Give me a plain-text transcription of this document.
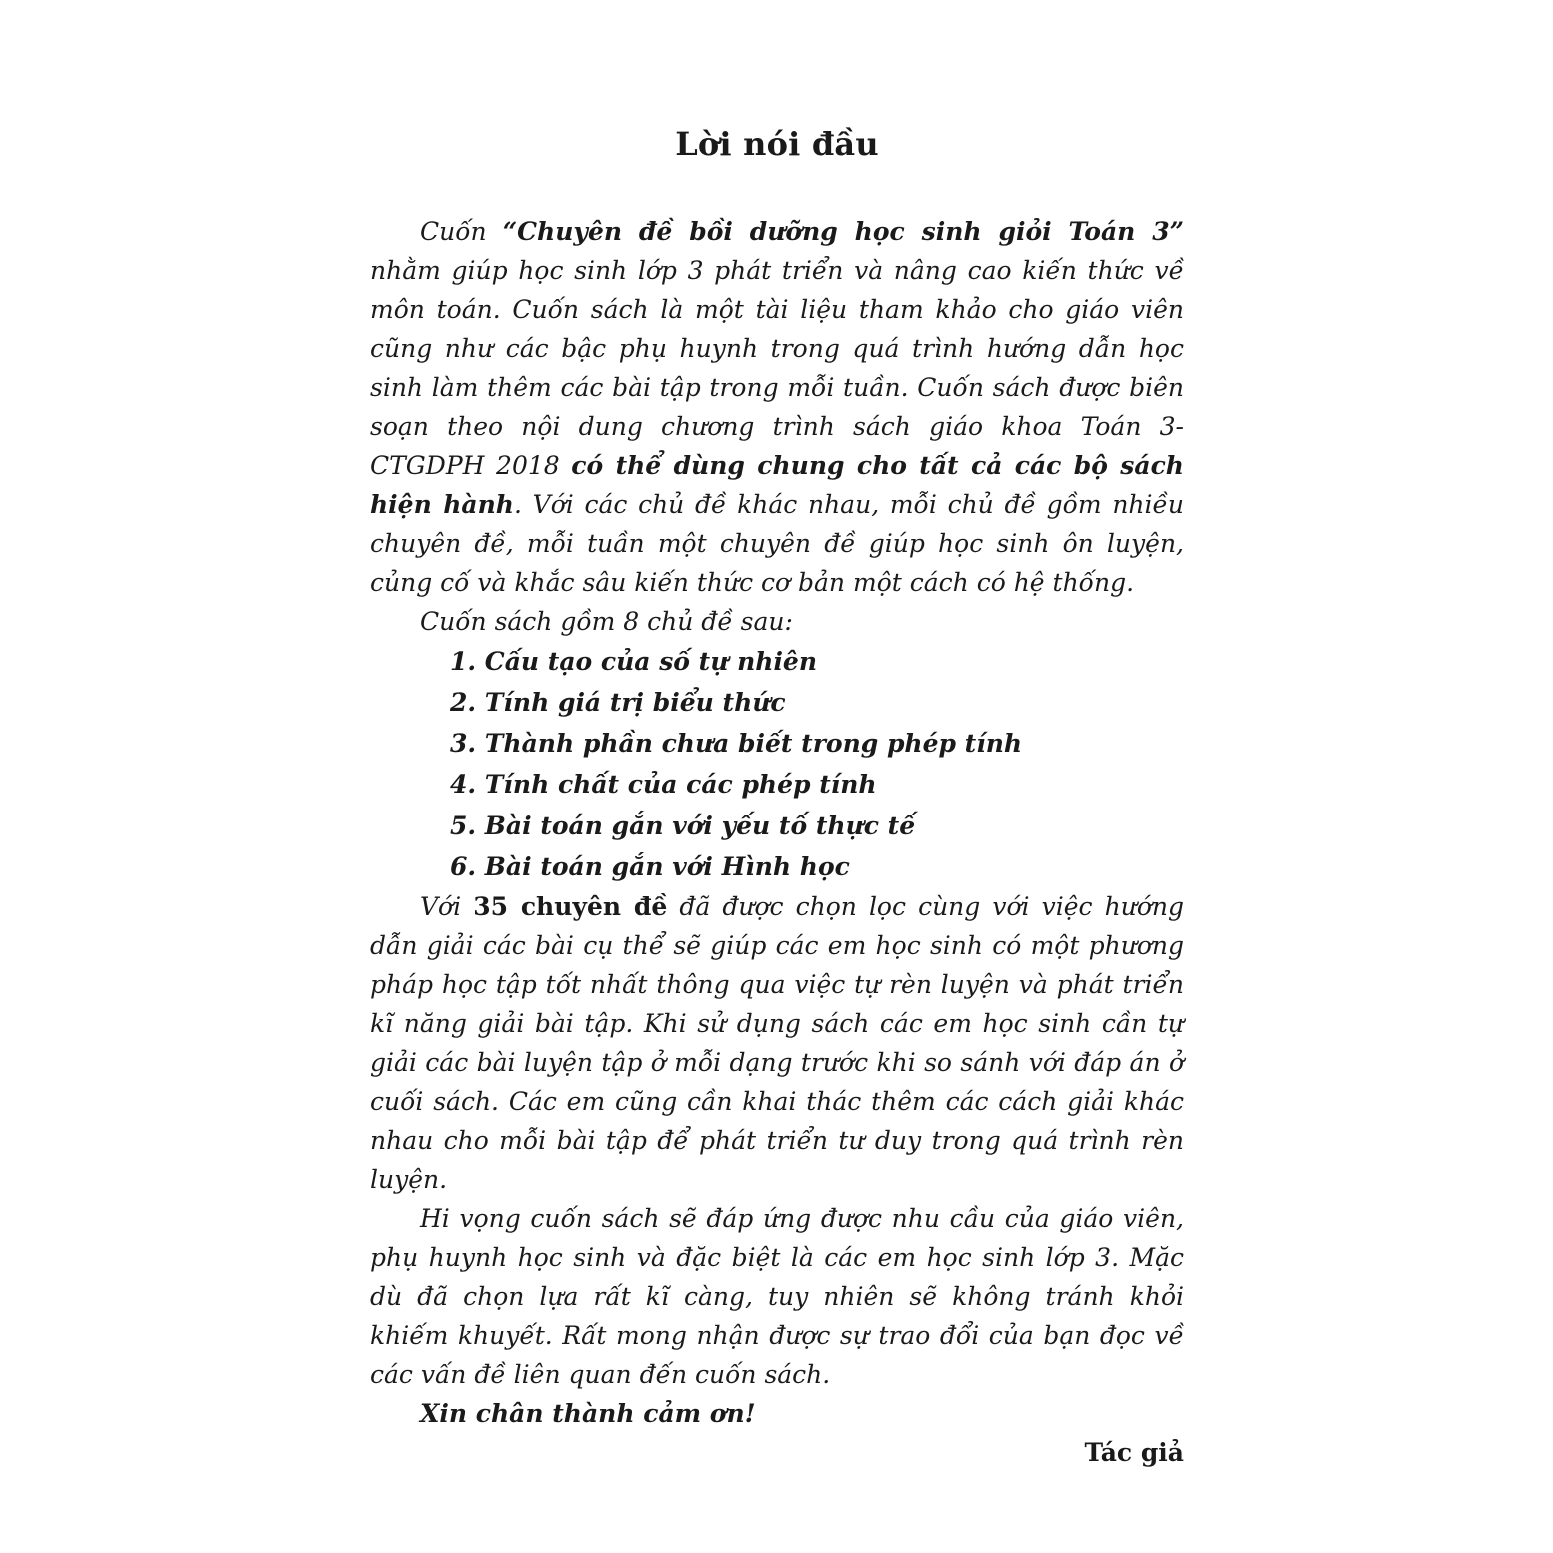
Lời nói đầu

Cuốn “Chuyên đề bồi dưỡng học sinh giỏi Toán 3” nhằm giúp học sinh lớp 3 phát triển và nâng cao kiến thức về môn toán. Cuốn sách là một tài liệu tham khảo cho giáo viên cũng như các bậc phụ huynh trong quá trình hướng dẫn học sinh làm thêm các bài tập trong mỗi tuần. Cuốn sách được biên soạn theo nội dung chương trình sách giáo khoa Toán 3-CTGDPH 2018 có thể dùng chung cho tất cả các bộ sách hiện hành. Với các chủ đề khác nhau, mỗi chủ đề gồm nhiều chuyên đề, mỗi tuần một chuyên đề giúp học sinh ôn luyện, củng cố và khắc sâu kiến thức cơ bản một cách có hệ thống.

Cuốn sách gồm 8 chủ đề sau:

1. Cấu tạo của số tự nhiên
2. Tính giá trị biểu thức
3. Thành phần chưa biết trong phép tính
4. Tính chất của các phép tính
5. Bài toán gắn với yếu tố thực tế
6. Bài toán gắn với Hình học

Với 35 chuyên đề đã được chọn lọc cùng với việc hướng dẫn giải các bài cụ thể sẽ giúp các em học sinh có một phương pháp học tập tốt nhất thông qua việc tự rèn luyện và phát triển kĩ năng giải bài tập. Khi sử dụng sách các em học sinh cần tự giải các bài luyện tập ở mỗi dạng trước khi so sánh với đáp án ở cuối sách. Các em cũng cần khai thác thêm các cách giải khác nhau cho mỗi bài tập để phát triển tư duy trong quá trình rèn luyện.

Hi vọng cuốn sách sẽ đáp ứng được nhu cầu của giáo viên, phụ huynh học sinh và đặc biệt là các em học sinh lớp 3. Mặc dù đã chọn lựa rất kĩ càng, tuy nhiên sẽ không tránh khỏi khiếm khuyết. Rất mong nhận được sự trao đổi của bạn đọc về các vấn đề liên quan đến cuốn sách.

Xin chân thành cảm ơn!

Tác giả
